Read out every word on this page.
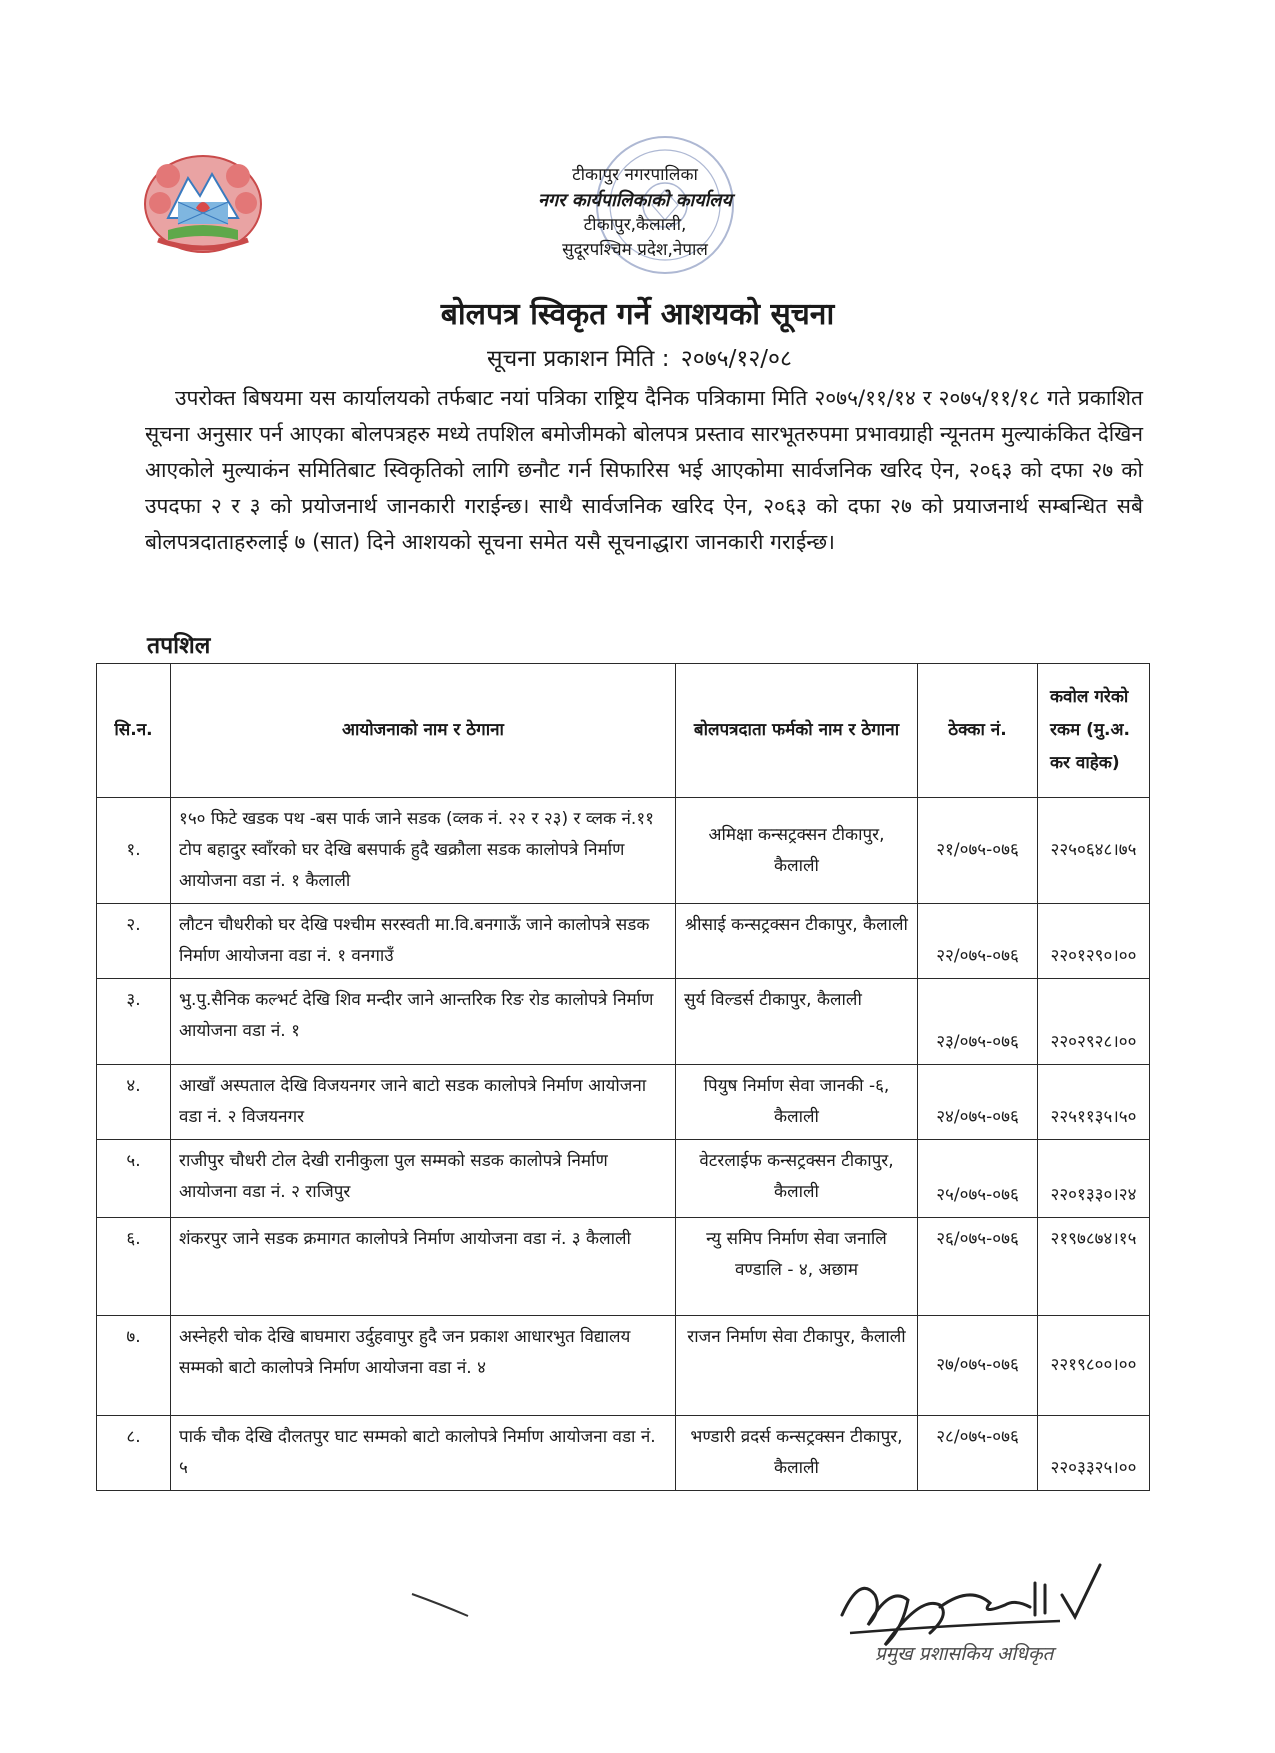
टीकापुर नगरपालिका
नगर कार्यपालिकाको कार्यालय
टीकापुर,कैलाली,
सुदूरपश्चिम प्रदेश,नेपाल
बोलपत्र स्विकृत गर्ने आशयको सूचना
सूचना प्रकाशन मिति : २०७५/१२/०८
उपरोक्त बिषयमा यस कार्यालयको तर्फबाट नयां पत्रिका राष्ट्रिय दैनिक पत्रिकामा मिति २०७५/११/१४ र २०७५/११/१८ गते प्रकाशित सूचना अनुसार पर्न आएका बोलपत्रहरु मध्ये तपशिल बमोजीमको बोलपत्र प्रस्ताव सारभूतरुपमा प्रभावग्राही न्यूनतम मुल्याकंकित देखिन आएकोले मुल्याकंन समितिबाट स्विकृतिको लागि छनौट गर्न सिफारिस भई आएकोमा सार्वजनिक खरिद ऐन, २०६३ को दफा २७ को उपदफा २ र ३ को प्रयोजनार्थ जानकारी गराईन्छ। साथै सार्वजनिक खरिद ऐन, २०६३ को दफा २७ को प्रयाजनार्थ सम्बन्धित सबै बोलपत्रदाताहरुलाई ७ (सात) दिने आशयको सूचना समेत यसै सूचनाद्धारा जानकारी गराईन्छ।
तपशिल
सि.न.	आयोजनाको नाम र ठेगाना	बोलपत्रदाता फर्मको नाम र ठेगाना	ठेक्का नं.	कवोल गरेको रकम (मु.अ. कर वाहेक)
१.	१५० फिटे खडक पथ -बस पार्क जाने सडक (व्लक नं. २२ र २३) र व्लक नं.११ टोप बहादुर स्वाँरको घर देखि बसपार्क हुदै खक्रौला सडक कालोपत्रे निर्माण आयोजना वडा नं. १ कैलाली	अमिक्षा कन्सट्रक्सन टीकापुर, कैलाली	२१/०७५-०७६	२२५०६४८।७५
२.	लौटन चौधरीको घर देखि पश्चीम सरस्वती मा.वि.बनगाऊँ जाने कालोपत्रे सडक निर्माण आयोजना वडा नं. १ वनगाउँ	श्रीसाई कन्सट्रक्सन टीकापुर, कैलाली	२२/०७५-०७६	२२०१२९०।००
३.	भु.पु.सैनिक कल्भर्ट देखि शिव मन्दीर जाने आन्तरिक रिङ रोड कालोपत्रे निर्माण आयोजना वडा नं. १	सुर्य विल्डर्स टीकापुर, कैलाली	२३/०७५-०७६	२२०२९२८।००
४.	आखाँ अस्पताल देखि विजयनगर जाने बाटो सडक कालोपत्रे निर्माण आयोजना वडा नं. २ विजयनगर	पियुष निर्माण सेवा जानकी -६, कैलाली	२४/०७५-०७६	२२५११३५।५०
५.	राजीपुर चौधरी टोल देखी रानीकुला पुल सम्मको सडक कालोपत्रे निर्माण आयोजना वडा नं. २ राजिपुर	वेटरलाईफ कन्सट्रक्सन टीकापुर, कैलाली	२५/०७५-०७६	२२०१३३०।२४
६.	शंकरपुर जाने सडक क्रमागत कालोपत्रे निर्माण आयोजना वडा नं. ३ कैलाली	न्यु समिप निर्माण सेवा जनालि वण्डालि - ४, अछाम	२६/०७५-०७६	२१९७८७४।१५
७.	अस्नेहरी चोक देखि बाघमारा उर्दुहवापुर हुदै जन प्रकाश आधारभुत विद्यालय सम्मको बाटो कालोपत्रे निर्माण आयोजना वडा नं. ४	राजन निर्माण सेवा टीकापुर, कैलाली	२७/०७५-०७६	२२१९८००।००
८.	पार्क चौक देखि दौलतपुर घाट सम्मको बाटो कालोपत्रे निर्माण आयोजना वडा नं. ५	भण्डारी व्रदर्स कन्सट्रक्सन टीकापुर, कैलाली	२८/०७५-०७६	२२०३३२५।००
प्रमुख प्रशासकिय अधिकृत
